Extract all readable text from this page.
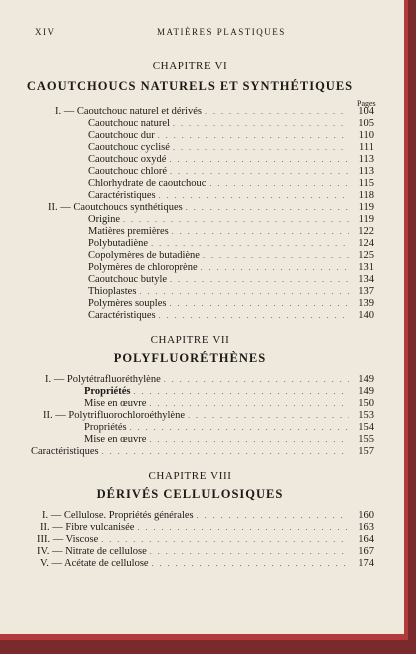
XIV	MATIÈRES PLASTIQUES
CHAPITRE VI
CAOUTCHOUCS NATURELS ET SYNTHÉTIQUES
Pages
I. — Caoutchouc naturel et dérivés . . .	104
Caoutchouc naturel . . .	105
Caoutchouc dur . . .	110
Caoutchouc cyclisé . . .	111
Caoutchouc oxydé . . .	113
Caoutchouc chloré . . .	113
Chlorhydrate de caoutchouc . . .	115
Caractéristiques . . .	118
II. — Caoutchoucs synthétiques . . .	119
Origine . . .	119
Matières premières . . .	122
Polybutadiène . . .	124
Copolymères de butadiène . . .	125
Polymères de chloroprène . . .	131
Caoutchouc butyle . . .	134
Thioplastes . . .	137
Polymères souples . . .	139
Caractéristiques . . .	140
CHAPITRE VII
POLYFLUORÉTHÈNES
I. — Polytétrafluoréthylène . . .	149
Propriétés . . .	149
Mise en œuvre . . .	150
II. — Polytrifluorochloroéthylène . . .	153
Propriétés . . .	154
Mise en œuvre . . .	155
Caractéristiques . . .	157
CHAPITRE VIII
DÉRIVÉS CELLULOSIQUES
I. — Cellulose. Propriétés générales . . .	160
II. — Fibre vulcanisée . . .	163
III. — Viscose . . .	164
IV. — Nitrate de cellulose . . .	167
V. — Acétate de cellulose . . .	174
